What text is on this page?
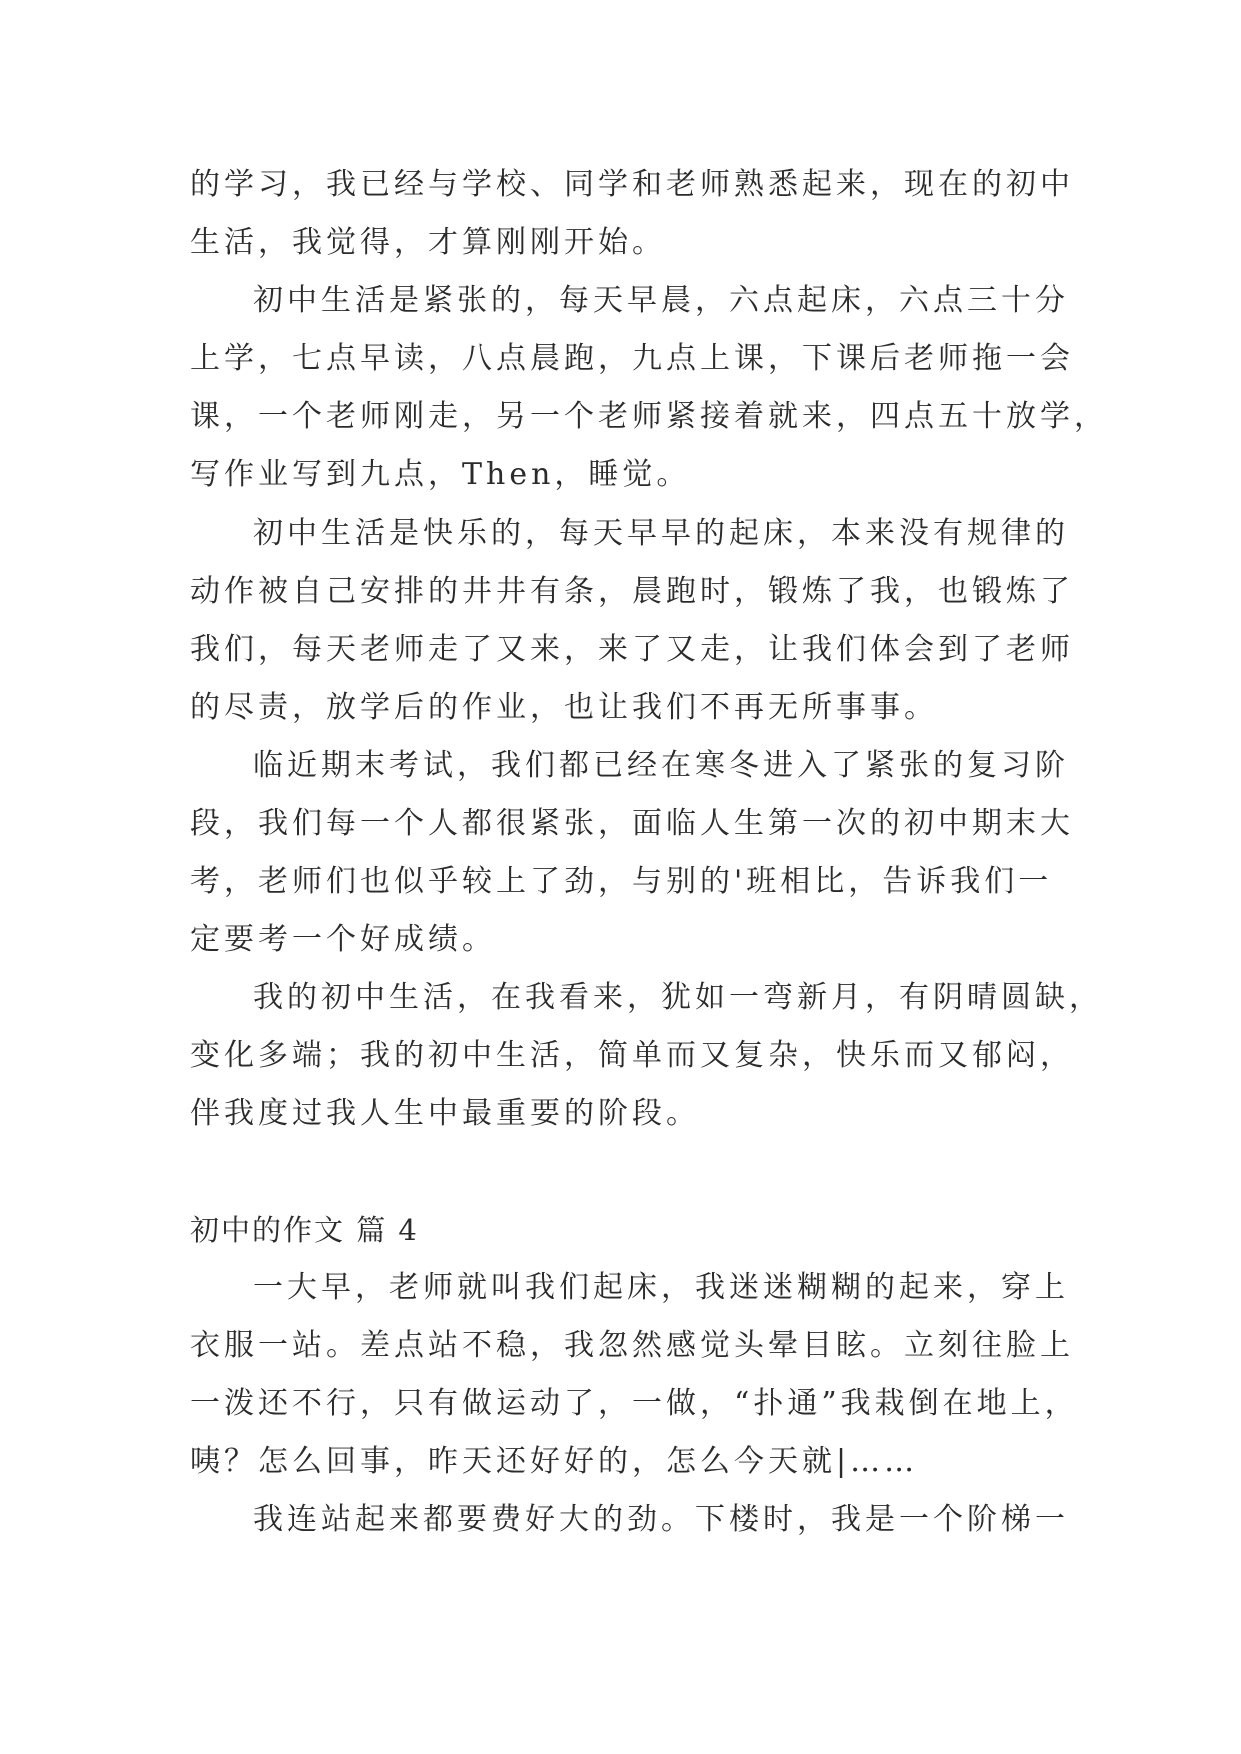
的学习，我已经与学校、同学和老师熟悉起来，现在的初中
生活，我觉得，才算刚刚开始。
初中生活是紧张的，每天早晨，六点起床，六点三十分
上学，七点早读，八点晨跑，九点上课，下课后老师拖一会
课，一个老师刚走，另一个老师紧接着就来，四点五十放学，
写作业写到九点，Then，睡觉。
初中生活是快乐的，每天早早的起床，本来没有规律的
动作被自己安排的井井有条，晨跑时，锻炼了我，也锻炼了
我们，每天老师走了又来，来了又走，让我们体会到了老师
的尽责，放学后的作业，也让我们不再无所事事。
临近期末考试，我们都已经在寒冬进入了紧张的复习阶
段，我们每一个人都很紧张，面临人生第一次的初中期末大
考，老师们也似乎较上了劲，与别的'班相比，告诉我们一
定要考一个好成绩。
我的初中生活，在我看来，犹如一弯新月，有阴晴圆缺，
变化多端；我的初中生活，简单而又复杂，快乐而又郁闷，
伴我度过我人生中最重要的阶段。
初中的作文 篇 4
一大早，老师就叫我们起床，我迷迷糊糊的起来，穿上
衣服一站。差点站不稳，我忽然感觉头晕目眩。立刻往脸上
一泼还不行，只有做运动了，一做，“扑通”我栽倒在地上，
咦？怎么回事，昨天还好好的，怎么今天就|……
我连站起来都要费好大的劲。下楼时，我是一个阶梯一
